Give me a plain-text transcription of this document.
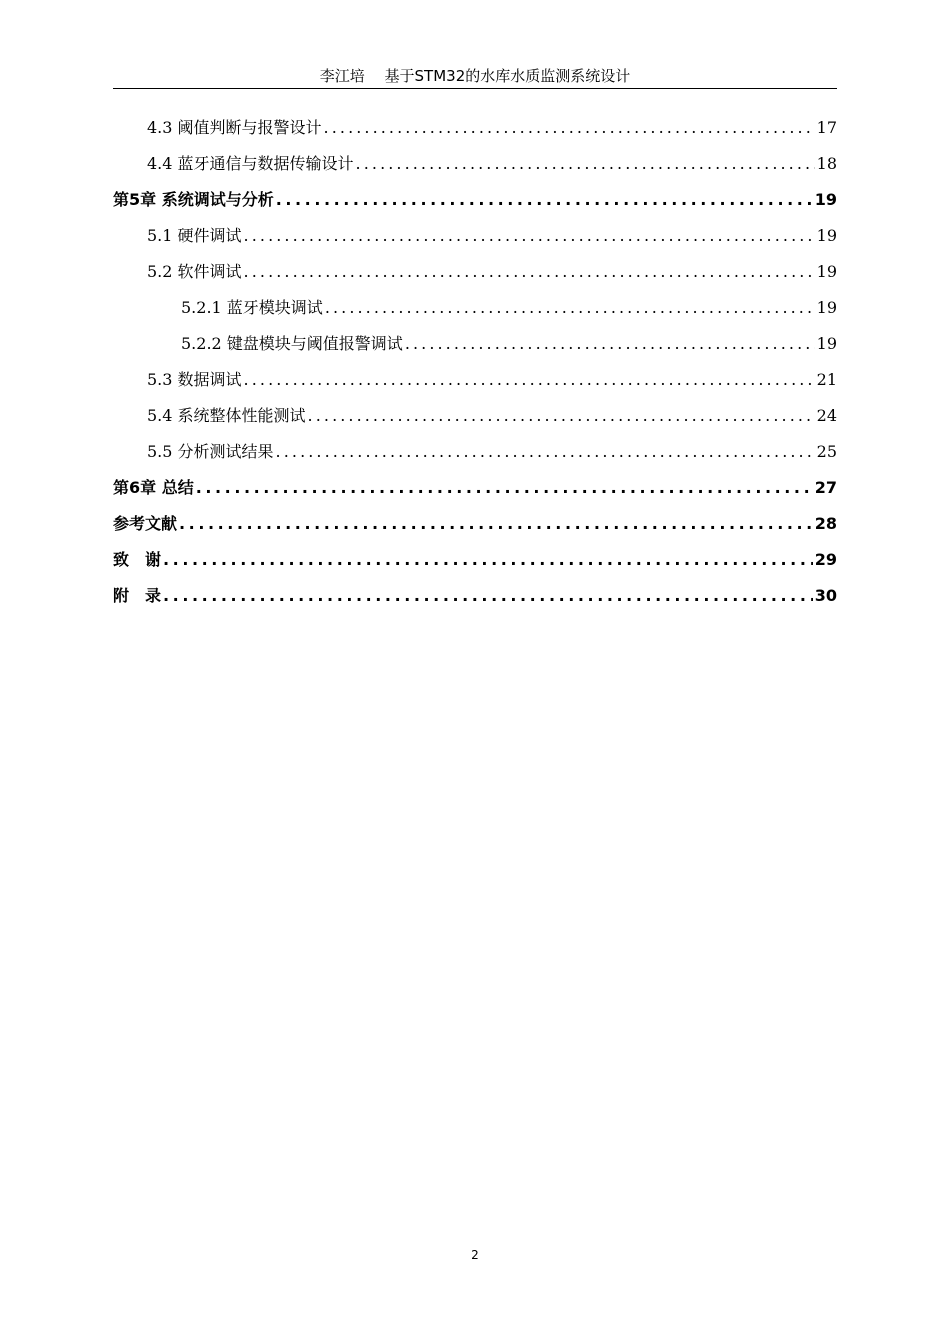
李江培　 基于STM32的水库水质监测系统设计
4.3 阈值判断与报警设计 . . .	17
4.4 蓝牙通信与数据传输设计 . . .	18
第5章 系统调试与分析 . . .	19
5.1 硬件调试 . . .	19
5.2 软件调试 . . .	19
5.2.1 蓝牙模块调试 . . .	19
5.2.2 键盘模块与阈值报警调试 . . .	19
5.3 数据调试 . . .	21
5.4 系统整体性能测试 . . .	24
5.5 分析测试结果 . . .	25
第6章 总结 . . .	27
参考文献 . . .	28
致　谢 . . .	29
附　录 . . .	30
2
